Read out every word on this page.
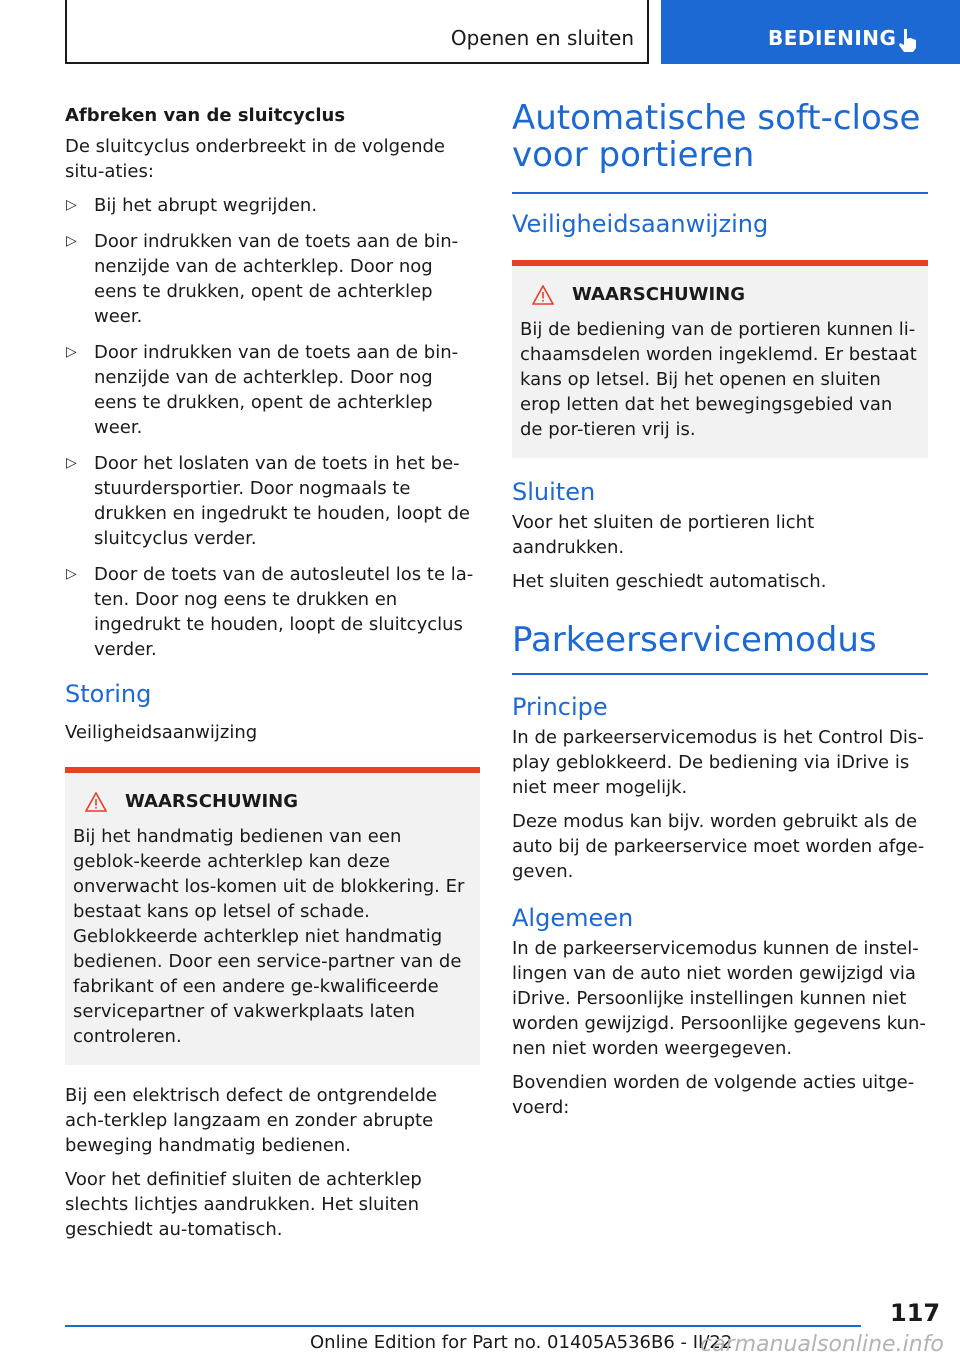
Openen en sluiten	BEDIENING
Afbreken van de sluitcyclus

De sluitcyclus onderbreekt in de volgende situ-aties:

▷ Bij het abrupt wegrijden.
▷ Door indrukken van de toets aan de bin-nenzijde van de achterklep. Door nog eens te drukken, opent de achterklep weer.
▷ Door indrukken van de toets aan de bin-nenzijde van de achterklep. Door nog eens te drukken, opent de achterklep weer.
▷ Door het loslaten van de toets in het be-stuurdersportier. Door nogmaals te drukken en ingedrukt te houden, loopt de sluitcyclus verder.
▷ Door de toets van de autosleutel los te la-ten. Door nog eens te drukken en ingedrukt te houden, loopt de sluitcyclus verder.
Storing
Veiligheidsaanwijzing
WAARSCHUWING

Bij het handmatig bedienen van een geblok-keerde achterklep kan deze onverwacht los-komen uit de blokkering. Er bestaat kans op letsel of schade. Geblokkeerde achterklep niet handmatig bedienen. Door een service-partner van de fabrikant of een andere ge-kwalificeerde servicepartner of vakwerkplaats laten controleren.

Bij een elektrisch defect de ontgrendelde ach-terklep langzaam en zonder abrupte beweging handmatig bedienen.

Voor het definitief sluiten de achterklep slechts lichtjes aandrukken. Het sluiten geschiedt au-tomatisch.

Automatische soft-close voor portieren
Veiligheidsaanwijzing
WAARSCHUWING

Bij de bediening van de portieren kunnen li-chaamsdelen worden ingeklemd. Er bestaat kans op letsel. Bij het openen en sluiten erop letten dat het bewegingsgebied van de por-tieren vrij is.

Sluiten

Voor het sluiten de portieren licht aandrukken.

Het sluiten geschiedt automatisch.

Parkeerservicemodus
Principe

In de parkeerservicemodus is het Control Dis-play geblokkeerd. De bediening via iDrive is niet meer mogelijk.

Deze modus kan bijv. worden gebruikt als de auto bij de parkeerservice moet worden afge-geven.

Algemeen

In de parkeerservicemodus kunnen de instel-lingen van de auto niet worden gewijzigd via iDrive. Persoonlijke instellingen kunnen niet worden gewijzigd. Persoonlijke gegevens kun-nen niet worden weergegeven.

Bovendien worden de volgende acties uitge-voerd:

117
Online Edition for Part no. 01405A536B6 - II/22
carmanualsonline.info
